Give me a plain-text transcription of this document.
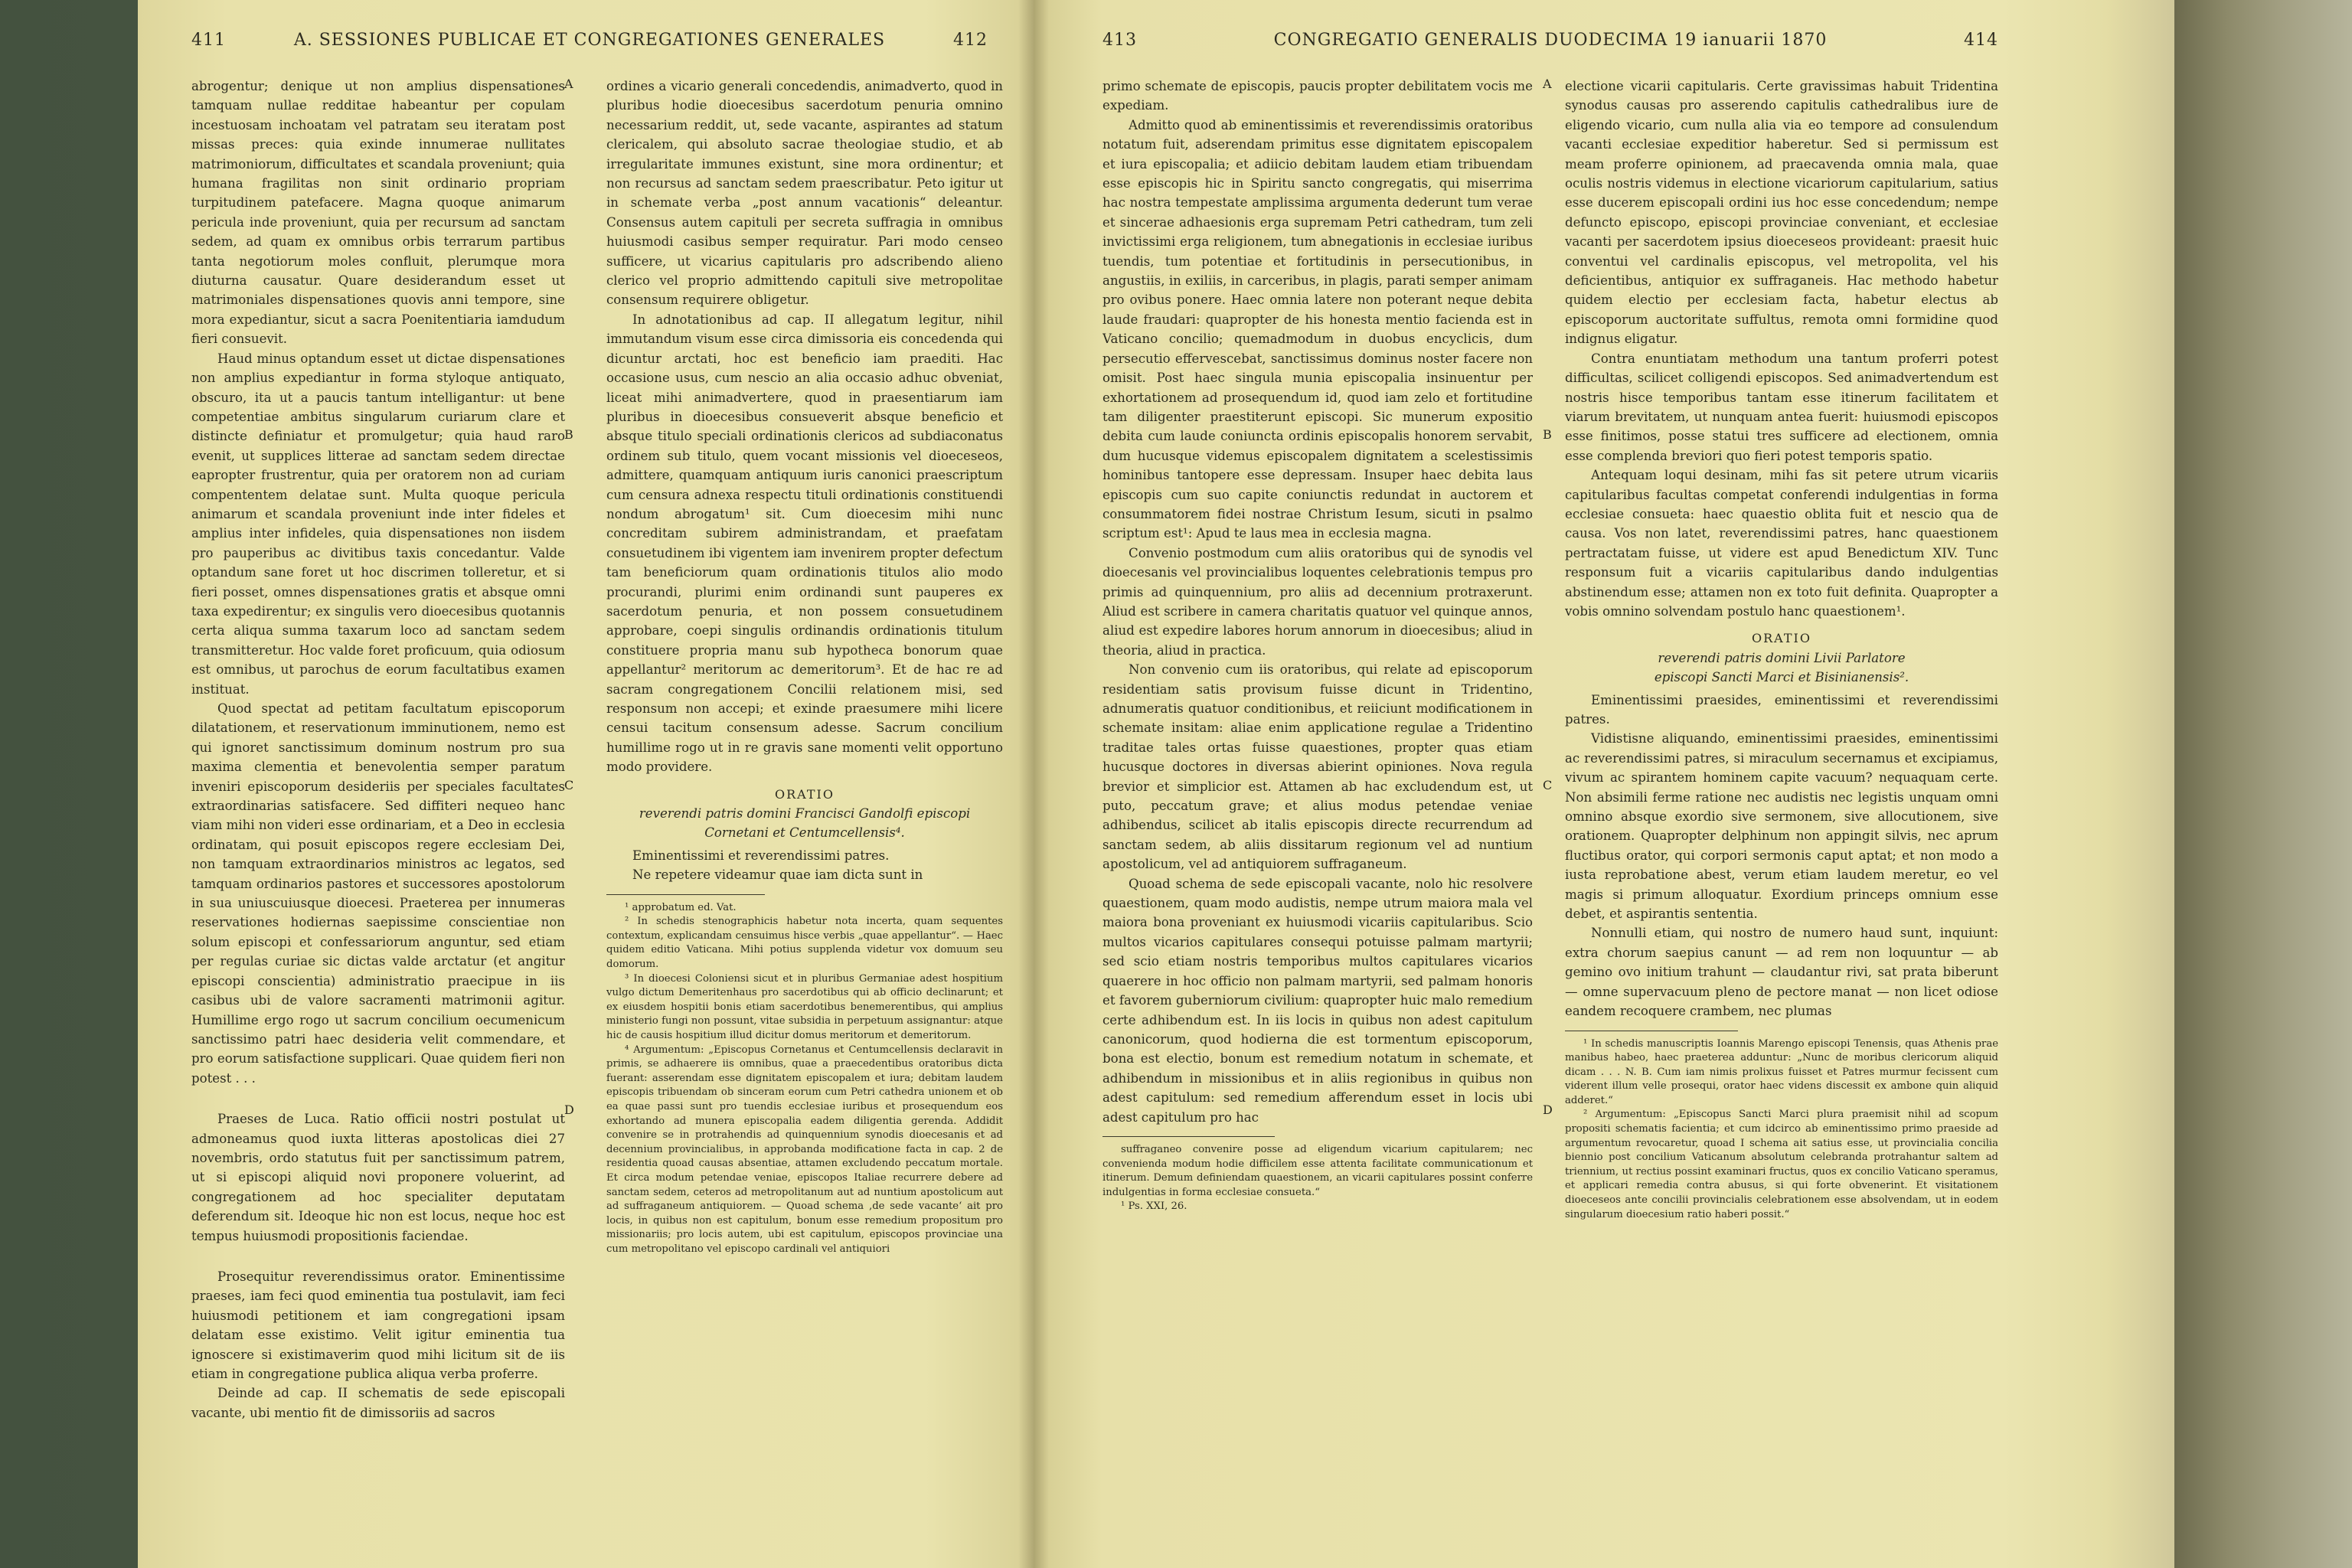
411	A. SESSIONES PUBLICAE ET CONGREGATIONES GENERALES	412

abrogentur; denique ut non amplius dispensationes tamquam nullae redditae habeantur per copulam incestuosam inchoatam vel patratam seu iteratam post missas preces: quia exinde innumerae nullitates matrimoniorum, difficultates et scandala proveniunt; quia humana fragilitas non sinit ordinario propriam turpitudinem patefacere. Magna quoque animarum pericula inde proveniunt, quia per recursum ad sanctam sedem, ad quam ex omnibus orbis terrarum partibus tanta negotiorum moles confluit, plerumque mora diuturna causatur. Quare desiderandum esset ut matrimoniales dispensationes quovis anni tempore, sine mora expediantur, sicut a sacra Poenitentiaria iamdudum fieri consuevit.

Haud minus optandum esset ut dictae dispensationes non amplius expediantur in forma styloque antiquato, obscuro, ita ut a paucis tantum intelligantur: ut bene competentiae ambitus singularum curiarum clare et distincte definiatur et promulgetur; quia haud raro evenit, ut supplices litterae ad sanctam sedem directae eapropter frustrentur, quia per oratorem non ad curiam compententem delatae sunt. Multa quoque pericula animarum et scandala proveniunt inde inter fideles et amplius inter infideles, quia dispensationes non iisdem pro pauperibus ac divitibus taxis concedantur. Valde optandum sane foret ut hoc discrimen tolleretur, et si fieri posset, omnes dispensationes gratis et absque omni taxa expedirentur; ex singulis vero dioecesibus quotannis certa aliqua summa taxarum loco ad sanctam sedem transmitteretur. Hoc valde foret proficuum, quia odiosum est omnibus, ut parochus de eorum facultatibus examen instituat.

Quod spectat ad petitam facultatum episcoporum dilatationem, et reservationum imminutionem, nemo est qui ignoret sanctissimum dominum nostrum pro sua maxima clementia et benevolentia semper paratum inveniri episcoporum desideriis per speciales facultates extraordinarias satisfacere. Sed diffiteri nequeo hanc viam mihi non videri esse ordinariam, et a Deo in ecclesia ordinatam, qui posuit episcopos regere ecclesiam Dei, non tamquam extraordinarios ministros ac legatos, sed tamquam ordinarios pastores et successores apostolorum in sua uniuscuiusque dioecesi. Praeterea per innumeras reservationes hodiernas saepissime conscientiae non solum episcopi et confessariorum anguntur, sed etiam per regulas curiae sic dictas valde arctatur (et angitur episcopi conscientia) administratio praecipue in iis casibus ubi de valore sacramenti matrimonii agitur. Humillime ergo rogo ut sacrum concilium oecumenicum sanctissimo patri haec desideria velit commendare, et pro eorum satisfactione supplicari. Quae quidem fieri non potest . . .

Praeses de Luca. Ratio officii nostri postulat ut admoneamus quod iuxta litteras apostolicas diei 27 novembris, ordo statutus fuit per sanctissimum patrem, ut si episcopi aliquid novi proponere voluerint, ad congregationem ad hoc specialiter deputatam deferendum sit. Ideoque hic non est locus, neque hoc est tempus huiusmodi propositionis faciendae.

Prosequitur reverendissimus orator. Eminentissime praeses, iam feci quod eminentia tua postulavit, iam feci huiusmodi petitionem et iam congregationi ipsam delatam esse existimo. Velit igitur eminentia tua ignoscere si existimaverim quod mihi licitum sit de iis etiam in congregatione publica aliqua verba proferre.

Deinde ad cap. II schematis de sede episcopali vacante, ubi mentio fit de dimissoriis ad sacros

ordines a vicario generali concedendis, animadverto, quod in pluribus hodie dioecesibus sacerdotum penuria omnino necessarium reddit, ut, sede vacante, aspirantes ad statum clericalem, qui absoluto sacrae theologiae studio, et ab irregularitate immunes existunt, sine mora ordinentur; et non recursus ad sanctam sedem praescribatur. Peto igitur ut in schemate verba „post annum vacationis“ deleantur. Consensus autem capituli per secreta suffragia in omnibus huiusmodi casibus semper requiratur. Pari modo censeo sufficere, ut vicarius capitularis pro adscribendo alieno clerico vel proprio admittendo capituli sive metropolitae consensum requirere obligetur.

In adnotationibus ad cap. II allegatum legitur, nihil immutandum visum esse circa dimissoria eis concedenda qui dicuntur arctati, hoc est beneficio iam praediti. Hac occasione usus, cum nescio an alia occasio adhuc obveniat, liceat mihi animadvertere, quod in praesentiarum iam pluribus in dioecesibus consueverit absque beneficio et absque titulo speciali ordinationis clericos ad subdiaconatus ordinem sub titulo, quem vocant missionis vel dioeceseos, admittere, quamquam antiquum iuris canonici praescriptum cum censura adnexa respectu tituli ordinationis constituendi nondum abrogatum¹ sit. Cum dioecesim mihi nunc concreditam subirem administrandam, et praefatam consuetudinem ibi vigentem iam invenirem propter defectum tam beneficiorum quam ordinationis titulos alio modo procurandi, plurimi enim ordinandi sunt pauperes ex sacerdotum penuria, et non possem consuetudinem approbare, coepi singulis ordinandis ordinationis titulum constituere propria manu sub hypotheca bonorum quae appellantur² meritorum ac demeritorum³. Et de hac re ad sacram congregationem Concilii relationem misi, sed responsum non accepi; et exinde praesumere mihi licere censui tacitum consensum adesse. Sacrum concilium humillime rogo ut in re gravis sane momenti velit opportuno modo providere.

ORATIO
reverendi patris domini Francisci Gandolfi episcopi
Cornetani et Centumcellensis⁴.

Eminentissimi et reverendissimi patres.

Ne repetere videamur quae iam dicta sunt in

¹ approbatum ed. Vat.

² In schedis stenographicis habetur nota incerta, quam sequentes contextum, explicandam censuimus hisce verbis „quae appellantur“. — Haec quidem editio Vaticana. Mihi potius supplenda videtur vox domuum seu domorum.

³ In dioecesi Coloniensi sicut et in pluribus Germaniae adest hospitium vulgo dictum Demeritenhaus pro sacerdotibus qui ab officio declinarunt; et ex eiusdem hospitii bonis etiam sacerdotibus benemerentibus, qui amplius ministerio fungi non possunt, vitae subsidia in perpetuum assignantur: atque hic de causis hospitium illud dicitur domus meritorum et demeritorum.

⁴ Argumentum: „Episcopus Cornetanus et Centumcellensis declaravit in primis, se adhaerere iis omnibus, quae a praecedentibus oratoribus dicta fuerant: asserendam esse dignitatem episcopalem et iura; debitam laudem episcopis tribuendam ob sinceram eorum cum Petri cathedra unionem et ob ea quae passi sunt pro tuendis ecclesiae iuribus et prosequendum eos exhortando ad munera episcopalia eadem diligentia gerenda. Addidit convenire se in protrahendis ad quinquennium synodis dioecesanis et ad decennium provincialibus, in approbanda modificatione facta in cap. 2 de residentia quoad causas absentiae, attamen excludendo peccatum mortale. Et circa modum petendae veniae, episcopos Italiae recurrere debere ad sanctam sedem, ceteros ad metropolitanum aut ad nuntium apostolicum aut ad suffraganeum antiquiorem. — Quoad schema ‚de sede vacante‘ ait pro locis, in quibus non est capitulum, bonum esse remedium propositum pro missionariis; pro locis autem, ubi est capitulum, episcopos provinciae una cum metropolitano vel episcopo cardinali vel antiquiori

A
B
C
D
413	CONGREGATIO GENERALIS DUODECIMA 19 ianuarii 1870	414

primo schemate de episcopis, paucis propter debilitatem vocis me expediam.

Admitto quod ab eminentissimis et reverendissimis oratoribus notatum fuit, adserendam primitus esse dignitatem episcopalem et iura episcopalia; et adiicio debitam laudem etiam tribuendam esse episcopis hic in Spiritu sancto congregatis, qui miserrima hac nostra tempestate amplissima argumenta dederunt tum verae et sincerae adhaesionis erga supremam Petri cathedram, tum zeli invictissimi erga religionem, tum abnegationis in ecclesiae iuribus tuendis, tum potentiae et fortitudinis in persecutionibus, in angustiis, in exiliis, in carceribus, in plagis, parati semper animam pro ovibus ponere. Haec omnia latere non poterant neque debita laude fraudari: quapropter de his honesta mentio facienda est in Vaticano concilio; quemadmodum in duobus encyclicis, dum persecutio effervescebat, sanctissimus dominus noster facere non omisit. Post haec singula munia episcopalia insinuentur per exhortationem ad prosequendum id, quod iam zelo et fortitudine tam diligenter praestiterunt episcopi. Sic munerum expositio debita cum laude coniuncta ordinis episcopalis honorem servabit, dum hucusque videmus episcopalem dignitatem a scelestissimis hominibus tantopere esse depressam. Insuper haec debita laus episcopis cum suo capite coniunctis redundat in auctorem et consummatorem fidei nostrae Christum Iesum, sicuti in psalmo scriptum est¹: Apud te laus mea in ecclesia magna.

Convenio postmodum cum aliis oratoribus qui de synodis vel dioecesanis vel provincialibus loquentes celebrationis tempus pro primis ad quinquennium, pro aliis ad decennium protraxerunt. Aliud est scribere in camera charitatis quatuor vel quinque annos, aliud est expedire labores horum annorum in dioecesibus; aliud in theoria, aliud in practica.

Non convenio cum iis oratoribus, qui relate ad episcoporum residentiam satis provisum fuisse dicunt in Tridentino, adnumeratis quatuor conditionibus, et reiiciunt modificationem in schemate insitam: aliae enim applicatione regulae a Tridentino traditae tales ortas fuisse quaestiones, propter quas etiam hucusque doctores in diversas abierint opiniones. Nova regula brevior et simplicior est. Attamen ab hac excludendum est, ut puto, peccatum grave; et alius modus petendae veniae adhibendus, scilicet ab italis episcopis directe recurrendum ad sanctam sedem, ab aliis dissitarum regionum vel ad nuntium apostolicum, vel ad antiquiorem suffraganeum.

Quoad schema de sede episcopali vacante, nolo hic resolvere quaestionem, quam modo audistis, nempe utrum maiora mala vel maiora bona proveniant ex huiusmodi vicariis capitularibus. Scio multos vicarios capitulares consequi potuisse palmam martyrii; sed scio etiam nostris temporibus multos capitulares vicarios quaerere in hoc officio non palmam martyrii, sed palmam honoris et favorem guberniorum civilium: quapropter huic malo remedium certe adhibendum est. In iis locis in quibus non adest capitulum canonicorum, quod hodierna die est tormentum episcoporum, bona est electio, bonum est remedium notatum in schemate, et adhibendum in missionibus et in aliis regionibus in quibus non adest capitulum: sed remedium afferendum esset in locis ubi adest capitulum pro hac

suffraganeo convenire posse ad eligendum vicarium capitularem; nec convenienda modum hodie difficilem esse attenta facilitate communicationum et itinerum. Demum definiendam quaestionem, an vicarii capitulares possint conferre indulgentias in forma ecclesiae consueta.“

¹ Ps. XXI, 26.

electione vicarii capitularis. Certe gravissimas habuit Tridentina synodus causas pro asserendo capitulis cathedralibus iure de eligendo vicario, cum nulla alia via eo tempore ad consulendum vacanti ecclesiae expeditior haberetur. Sed si permissum est meam proferre opinionem, ad praecavenda omnia mala, quae oculis nostris videmus in electione vicariorum capitularium, satius esse ducerem episcopali ordini ius hoc esse concedendum; nempe defuncto episcopo, episcopi provinciae conveniant, et ecclesiae vacanti per sacerdotem ipsius dioeceseos provideant: praesit huic conventui vel cardinalis episcopus, vel metropolita, vel his deficientibus, antiquior ex suffraganeis. Hac methodo habetur quidem electio per ecclesiam facta, habetur electus ab episcoporum auctoritate suffultus, remota omni formidine quod indignus eligatur.

Contra enuntiatam methodum una tantum proferri potest difficultas, scilicet colligendi episcopos. Sed animadvertendum est nostris hisce temporibus tantam esse itinerum facilitatem et viarum brevitatem, ut nunquam antea fuerit: huiusmodi episcopos esse finitimos, posse statui tres sufficere ad electionem, omnia esse complenda breviori quo fieri potest temporis spatio.

Antequam loqui desinam, mihi fas sit petere utrum vicariis capitularibus facultas competat conferendi indulgentias in forma ecclesiae consueta: haec quaestio oblita fuit et nescio qua de causa. Vos non latet, reverendissimi patres, hanc quaestionem pertractatam fuisse, ut videre est apud Benedictum XIV. Tunc responsum fuit a vicariis capitularibus dando indulgentias abstinendum esse; attamen non ex toto fuit definita. Quapropter a vobis omnino solvendam postulo hanc quaestionem¹.

ORATIO
reverendi patris domini Livii Parlatore
episcopi Sancti Marci et Bisinianensis².

Eminentissimi praesides, eminentissimi et reverendissimi patres.

Vidistisne aliquando, eminentissimi praesides, eminentissimi ac reverendissimi patres, si miraculum secernamus et excipiamus, vivum ac spirantem hominem capite vacuum? nequaquam certe. Non absimili ferme ratione nec audistis nec legistis unquam omni omnino absque exordio sive sermonem, sive allocutionem, sive orationem. Quapropter delphinum non appingit silvis, nec aprum fluctibus orator, qui corpori sermonis caput aptat; et non modo a iusta reprobatione abest, verum etiam laudem meretur, eo vel magis si primum alloquatur. Exordium princeps omnium esse debet, et aspirantis sententia.

Nonnulli etiam, qui nostro de numero haud sunt, inquiunt: extra chorum saepius canunt — ad rem non loquuntur — ab gemino ovo initium trahunt — claudantur rivi, sat prata biberunt — omne supervacuum pleno de pectore manat — non licet odiose eandem recoquere crambem, nec plumas

¹ In schedis manuscriptis Ioannis Marengo episcopi Tenensis, quas Athenis prae manibus habeo, haec praeterea adduntur: „Nunc de moribus clericorum aliquid dicam . . . N. B. Cum iam nimis prolixus fuisset et Patres murmur fecissent cum viderent illum velle prosequi, orator haec videns discessit ex ambone quin aliquid adderet.“

² Argumentum: „Episcopus Sancti Marci plura praemisit nihil ad scopum propositi schematis facientia; et cum idcirco ab eminentissimo primo praeside ad argumentum revocaretur, quoad I schema ait satius esse, ut provincialia concilia biennio post concilium Vaticanum absolutum celebranda protrahantur saltem ad triennium, ut rectius possint examinari fructus, quos ex concilio Vaticano speramus, et applicari remedia contra abusus, si qui forte obvenerint. Et visitationem dioeceseos ante concilii provincialis celebrationem esse absolvendam, ut in eodem singularum dioecesium ratio haberi possit.“

A
B
C
D
